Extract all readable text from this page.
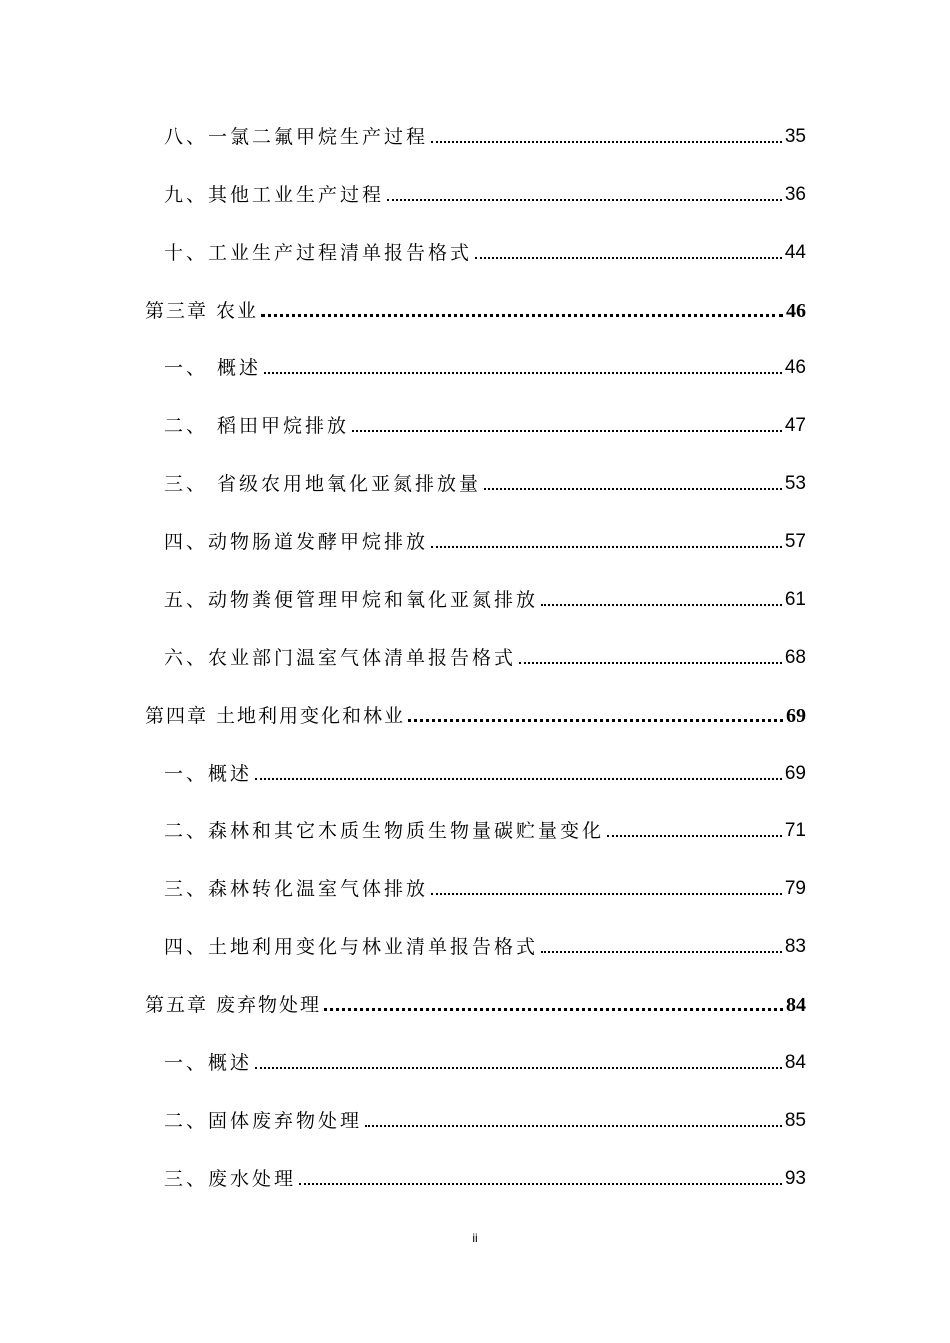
八、一氯二氟甲烷生产过程	35
九、其他工业生产过程	36
十、工业生产过程清单报告格式	44
第三章 农业	46
一、 概述	46
二、 稻田甲烷排放	47
三、 省级农用地氧化亚氮排放量	53
四、动物肠道发酵甲烷排放	57
五、动物粪便管理甲烷和氧化亚氮排放	61
六、农业部门温室气体清单报告格式	68
第四章 土地利用变化和林业	69
一、概述	69
二、森林和其它木质生物质生物量碳贮量变化	71
三、森林转化温室气体排放	79
四、土地利用变化与林业清单报告格式	83
第五章 废弃物处理	84
一、概述	84
二、固体废弃物处理	85
三、废水处理	93
ii
